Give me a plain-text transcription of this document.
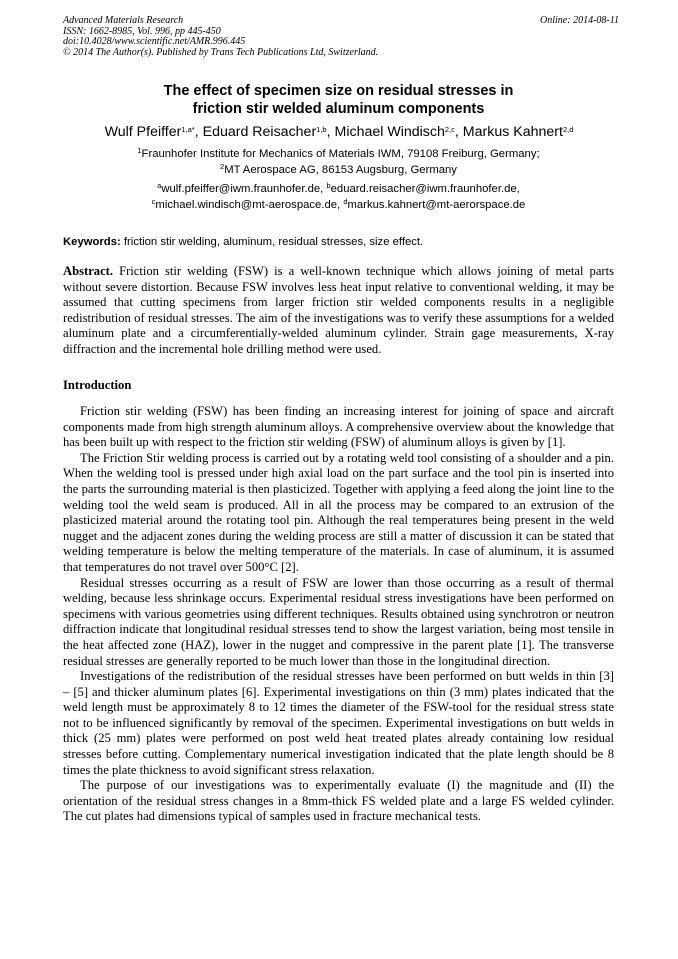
Advanced Materials Research
ISSN: 1662-8985, Vol. 996, pp 445-450
doi:10.4028/www.scientific.net/AMR.996.445
© 2014 The Author(s). Published by Trans Tech Publications Ltd, Switzerland.
Online: 2014-08-11
The effect of specimen size on residual stresses in
friction stir welded aluminum components
Wulf Pfeiffer$^{1,a*}$, Eduard Reisacher$^{1,b}$, Michael Windisch$^{2,c}$, Markus Kahnert$^{2,d}$
$^1$Fraunhofer Institute for Mechanics of Materials IWM, 79108 Freiburg, Germany;
$^2$MT Aerospace AG, 86153 Augsburg, Germany
$^a$wulf.pfeiffer@iwm.fraunhofer.de, $^b$eduard.reisacher@iwm.fraunhofer.de,
$^c$michael.windisch@mt-aerospace.de, $^d$markus.kahnert@mt-aerorspace.de
Keywords: friction stir welding, aluminum, residual stresses, size effect.

Abstract. Friction stir welding (FSW) is a well-known technique which allows joining of metal parts without severe distortion. Because FSW involves less heat input relative to conventional welding, it may be assumed that cutting specimens from larger friction stir welded components results in a negligible redistribution of residual stresses. The aim of the investigations was to verify these assumptions for a welded aluminum plate and a circumferentially-welded aluminum cylinder. Strain gage measurements, X-ray diffraction and the incremental hole drilling method were used.

Introduction

Friction stir welding (FSW) has been finding an increasing interest for joining of space and aircraft components made from high strength aluminum alloys. A comprehensive overview about the knowledge that has been built up with respect to the friction stir welding (FSW) of aluminum alloys is given by [1].

The Friction Stir welding process is carried out by a rotating weld tool consisting of a shoulder and a pin. When the welding tool is pressed under high axial load on the part surface and the tool pin is inserted into the parts the surrounding material is then plasticized. Together with applying a feed along the joint line to the welding tool the weld seam is produced. All in all the process may be compared to an extrusion of the plasticized material around the rotating tool pin. Although the real temperatures being present in the weld nugget and the adjacent zones during the welding process are still a matter of discussion it can be stated that welding temperature is below the melting temperature of the materials. In case of aluminum, it is assumed that temperatures do not travel over 500°C [2].

Residual stresses occurring as a result of FSW are lower than those occurring as a result of thermal welding, because less shrinkage occurs. Experimental residual stress investigations have been performed on specimens with various geometries using different techniques. Results obtained using synchrotron or neutron diffraction indicate that longitudinal residual stresses tend to show the largest variation, being most tensile in the heat affected zone (HAZ), lower in the nugget and compressive in the parent plate [1]. The transverse residual stresses are generally reported to be much lower than those in the longitudinal direction.

Investigations of the redistribution of the residual stresses have been performed on butt welds in thin [3] – [5] and thicker aluminum plates [6]. Experimental investigations on thin (3 mm) plates indicated that the weld length must be approximately 8 to 12 times the diameter of the FSW-tool for the residual stress state not to be influenced significantly by removal of the specimen. Experimental investigations on butt welds in thick (25 mm) plates were performed on post weld heat treated plates already containing low residual stresses before cutting. Complementary numerical investigation indicated that the plate length should be 8 times the plate thickness to avoid significant stress relaxation.

The purpose of our investigations was to experimentally evaluate (I) the magnitude and (II) the orientation of the residual stress changes in a 8mm-thick FS welded plate and a large FS welded cylinder. The cut plates had dimensions typical of samples used in fracture mechanical tests.
